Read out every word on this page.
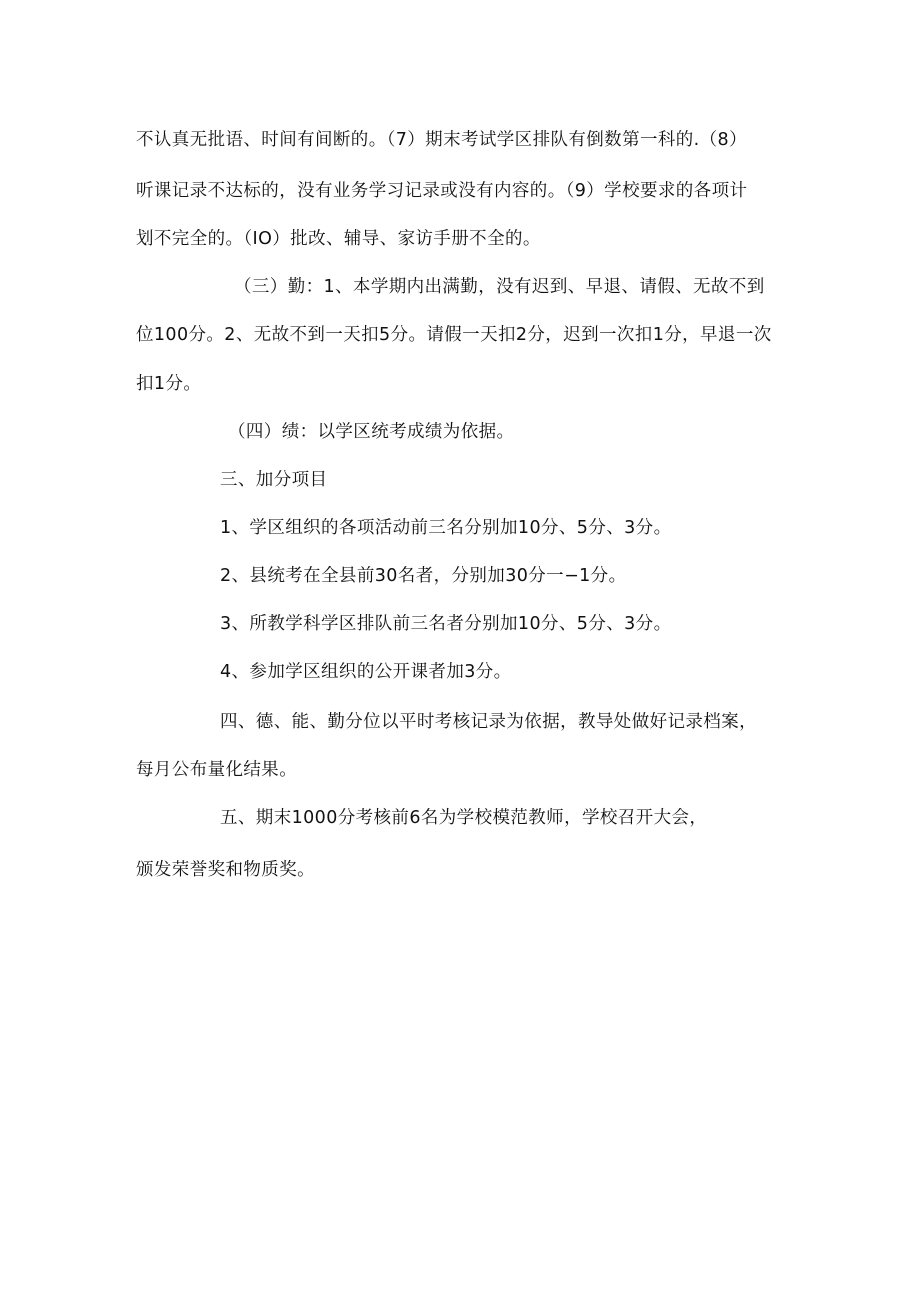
不认真无批语、时间有间断的。（7）期末考试学区排队有倒数第一科的.（8）

听课记录不达标的，没有业务学习记录或没有内容的。（9）学校要求的各项计

划不完全的。（IO）批改、辅导、家访手册不全的。

（三）勤：1、本学期内出满勤，没有迟到、早退、请假、无故不到

位100分。2、无故不到一天扣5分。请假一天扣2分，迟到一次扣1分，早退一次

扣1分。

（四）绩：以学区统考成绩为依据。

三、加分项目

1、学区组织的各项活动前三名分别加10分、5分、3分。

2、县统考在全县前30名者，分别加30分一−1分。

3、所教学科学区排队前三名者分别加10分、5分、3分。

4、参加学区组织的公开课者加3分。

四、德、能、勤分位以平时考核记录为依据，教导处做好记录档案，

每月公布量化结果。

五、期末1000分考核前6名为学校模范教师，学校召开大会，

颁发荣誉奖和物质奖。
